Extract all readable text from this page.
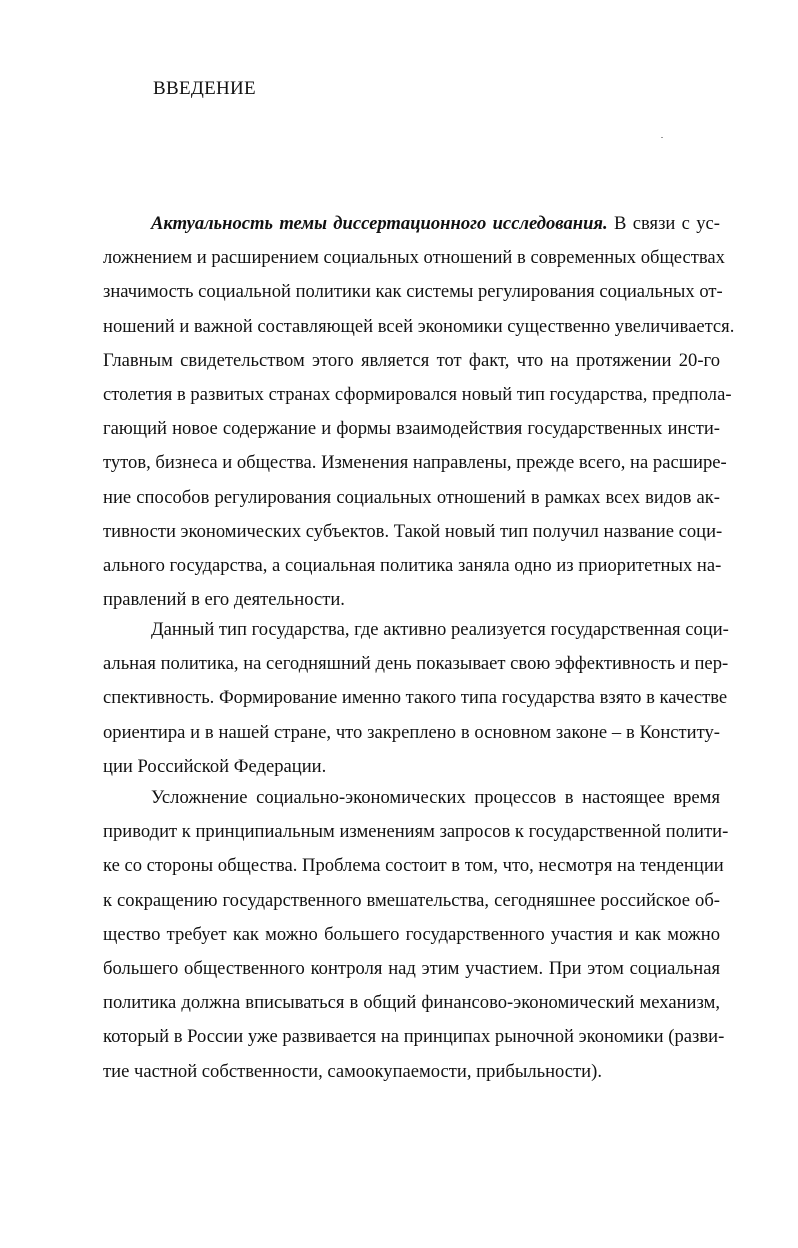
ВВЕДЕНИЕ
Актуальность темы диссертационного исследования. В связи с ус-
ложнением и расширением социальных отношений в современных обществах
значимость социальной политики как системы регулирования социальных от-
ношений и важной составляющей всей экономики существенно увеличивается.
Главным свидетельством этого является тот факт, что на протяжении 20-го
столетия в развитых странах сформировался новый тип государства, предпола-
гающий новое содержание и формы взаимодействия государственных инсти-
тутов, бизнеса и общества. Изменения направлены, прежде всего, на расшире-
ние способов регулирования социальных отношений в рамках всех видов ак-
тивности экономических субъектов. Такой новый тип получил название соци-
ального государства, а социальная политика заняла одно из приоритетных на-
правлений в его деятельности.
Данный тип государства, где активно реализуется государственная соци-
альная политика, на сегодняшний день показывает свою эффективность и пер-
спективность. Формирование именно такого типа государства взято в качестве
ориентира и в нашей стране, что закреплено в основном законе – в Конститу-
ции Российской Федерации.
Усложнение социально-экономических процессов в настоящее время
приводит к принципиальным изменениям запросов к государственной полити-
ке со стороны общества. Проблема состоит в том, что, несмотря на тенденции
к сокращению государственного вмешательства, сегодняшнее российское об-
щество требует как можно большего государственного участия и как можно
большего общественного контроля над этим участием. При этом социальная
политика должна вписываться в общий финансово-экономический механизм,
который в России уже развивается на принципах рыночной экономики (разви-
тие частной собственности, самоокупаемости, прибыльности).
